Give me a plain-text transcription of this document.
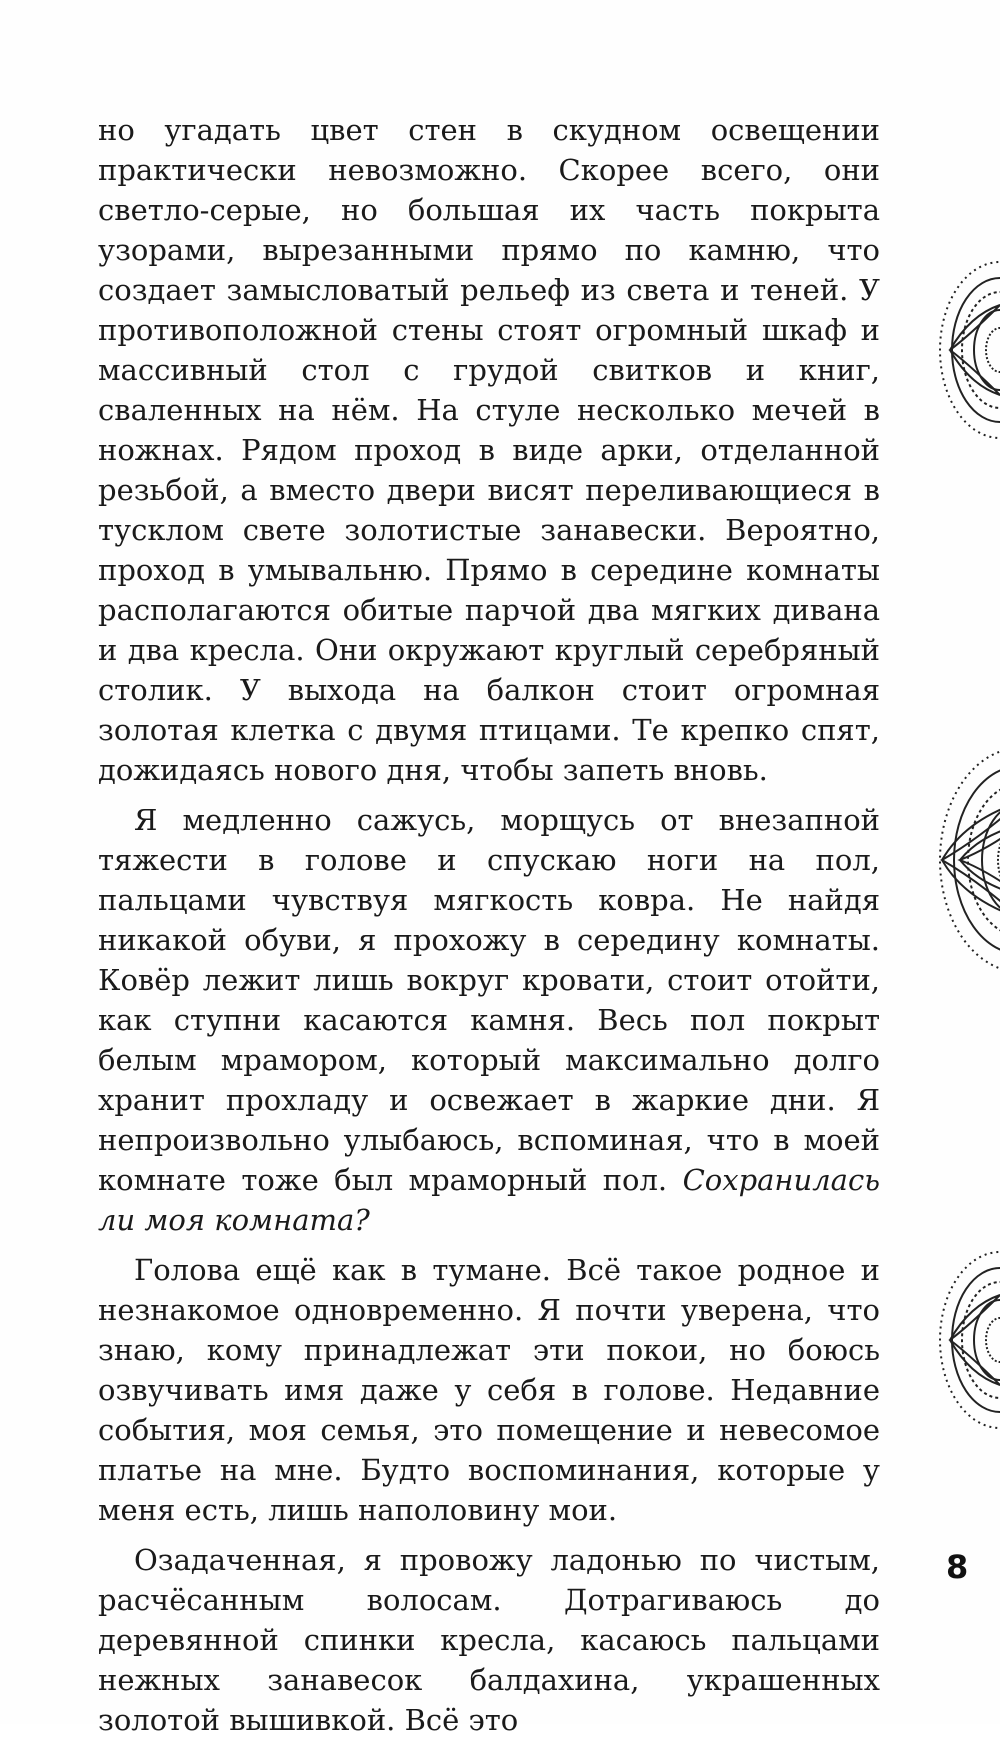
но угадать цвет стен в скудном освещении практически невозможно. Скорее всего, они светло-серые, но большая их часть покрыта узорами, вырезанными прямо по камню, что создает замысловатый рельеф из света и теней. У противоположной стены стоят огромный шкаф и массивный стол с грудой свитков и книг, сваленных на нём. На стуле несколько мечей в ножнах. Рядом проход в виде арки, отделанной резьбой, а вместо двери висят переливающиеся в тусклом свете золотистые занавески. Вероятно, проход в умывальню. Прямо в середине комнаты располагаются обитые парчой два мягких дивана и два кресла. Они окружают круглый серебряный столик. У выхода на балкон стоит огромная золотая клетка с двумя птицами. Те крепко спят, дожидаясь нового дня, чтобы запеть вновь.

Я медленно сажусь, морщусь от внезапной тяжести в голове и спускаю ноги на пол, пальцами чувствуя мягкость ковра. Не найдя никакой обуви, я прохожу в середину комнаты. Ковёр лежит лишь вокруг кровати, стоит отойти, как ступни касаются камня. Весь пол покрыт белым мрамором, который максимально долго хранит прохладу и освежает в жаркие дни. Я непроизвольно улыбаюсь, вспоминая, что в моей комнате тоже был мраморный пол. Сохранилась ли моя комната?

Голова ещё как в тумане. Всё такое родное и незнакомое одновременно. Я почти уверена, что знаю, кому принадлежат эти покои, но боюсь озвучивать имя даже у себя в голове. Недавние события, моя семья, это помещение и невесомое платье на мне. Будто воспоминания, которые у меня есть, лишь наполовину мои.

Озадаченная, я провожу ладонью по чистым, расчёсанным волосам. Дотрагиваюсь до деревянной спинки кресла, касаюсь пальцами нежных занавесок балдахина, украшенных золотой вышивкой. Всё это

8
